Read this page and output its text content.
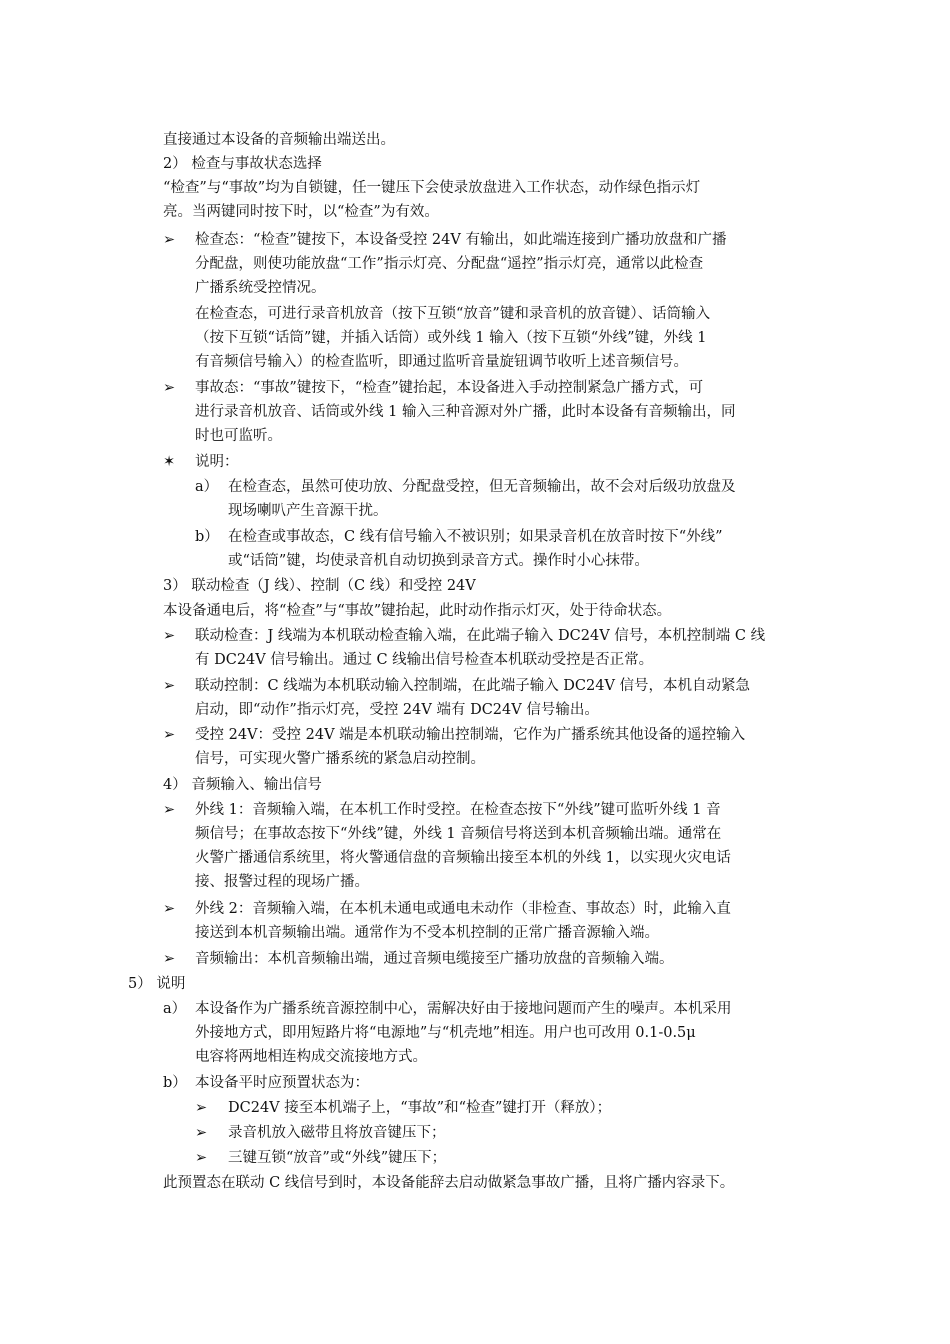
直接通过本设备的音频输出端送出。
2） 检查与事故状态选择
“检查”与“事故”均为自锁键，任一键压下会使录放盘进入工作状态，动作绿色指示灯
亮。当两键同时按下时，以“检查”为有效。
➢ 检查态：“检查”键按下，本设备受控 24V 有输出，如此端连接到广播功放盘和广播
分配盘，则使功能放盘“工作”指示灯亮、分配盘“遥控”指示灯亮，通常以此检查
广播系统受控情况。
在检查态，可进行录音机放音（按下互锁“放音”键和录音机的放音键）、话筒输入
（按下互锁“话筒”键，并插入话筒）或外线 1 输入（按下互锁“外线”键，外线 1
有音频信号输入）的检查监听，即通过监听音量旋钮调节收听上述音频信号。
➢ 事故态：“事故”键按下，“检查”键抬起，本设备进入手动控制紧急广播方式，可
进行录音机放音、话筒或外线 1 输入三种音源对外广播，此时本设备有音频输出，同
时也可监听。
✶ 说明：
a） 在检查态，虽然可使功放、分配盘受控，但无音频输出，故不会对后级功放盘及
现场喇叭产生音源干扰。
b） 在检查或事故态，C 线有信号输入不被识别；如果录音机在放音时按下“外线”
或“话筒”键，均使录音机自动切换到录音方式。操作时小心抹带。
3） 联动检查（J 线）、控制（C 线）和受控 24V
本设备通电后，将“检查”与“事故”键抬起，此时动作指示灯灭，处于待命状态。
➢ 联动检查：J 线端为本机联动检查输入端，在此端子输入 DC24V 信号，本机控制端 C 线
有 DC24V 信号输出。通过 C 线输出信号检查本机联动受控是否正常。
➢ 联动控制：C 线端为本机联动输入控制端，在此端子输入 DC24V 信号，本机自动紧急
启动，即“动作”指示灯亮，受控 24V 端有 DC24V 信号输出。
➢ 受控 24V：受控 24V 端是本机联动输出控制端，它作为广播系统其他设备的遥控输入
信号，可实现火警广播系统的紧急启动控制。
4） 音频输入、输出信号
➢ 外线 1：音频输入端，在本机工作时受控。在检查态按下“外线”键可监听外线 1 音
频信号；在事故态按下“外线”键，外线 1 音频信号将送到本机音频输出端。通常在
火警广播通信系统里，将火警通信盘的音频输出接至本机的外线 1，以实现火灾电话
接、报警过程的现场广播。
➢ 外线 2：音频输入端，在本机未通电或通电未动作（非检查、事故态）时，此输入直
接送到本机音频输出端。通常作为不受本机控制的正常广播音源输入端。
➢ 音频输出：本机音频输出端，通过音频电缆接至广播功放盘的音频输入端。
5） 说明
a） 本设备作为广播系统音源控制中心，需解决好由于接地问题而产生的噪声。本机采用
外接地方式，即用短路片将“电源地”与“机壳地”相连。用户也可改用 0.1-0.5μ
电容将两地相连构成交流接地方式。
b） 本设备平时应预置状态为：
➢ DC24V 接至本机端子上，“事故”和“检查”键打开（释放）；
➢ 录音机放入磁带且将放音键压下；
➢ 三键互锁“放音”或“外线”键压下；
此预置态在联动 C 线信号到时，本设备能辞去启动做紧急事故广播，且将广播内容录下。
